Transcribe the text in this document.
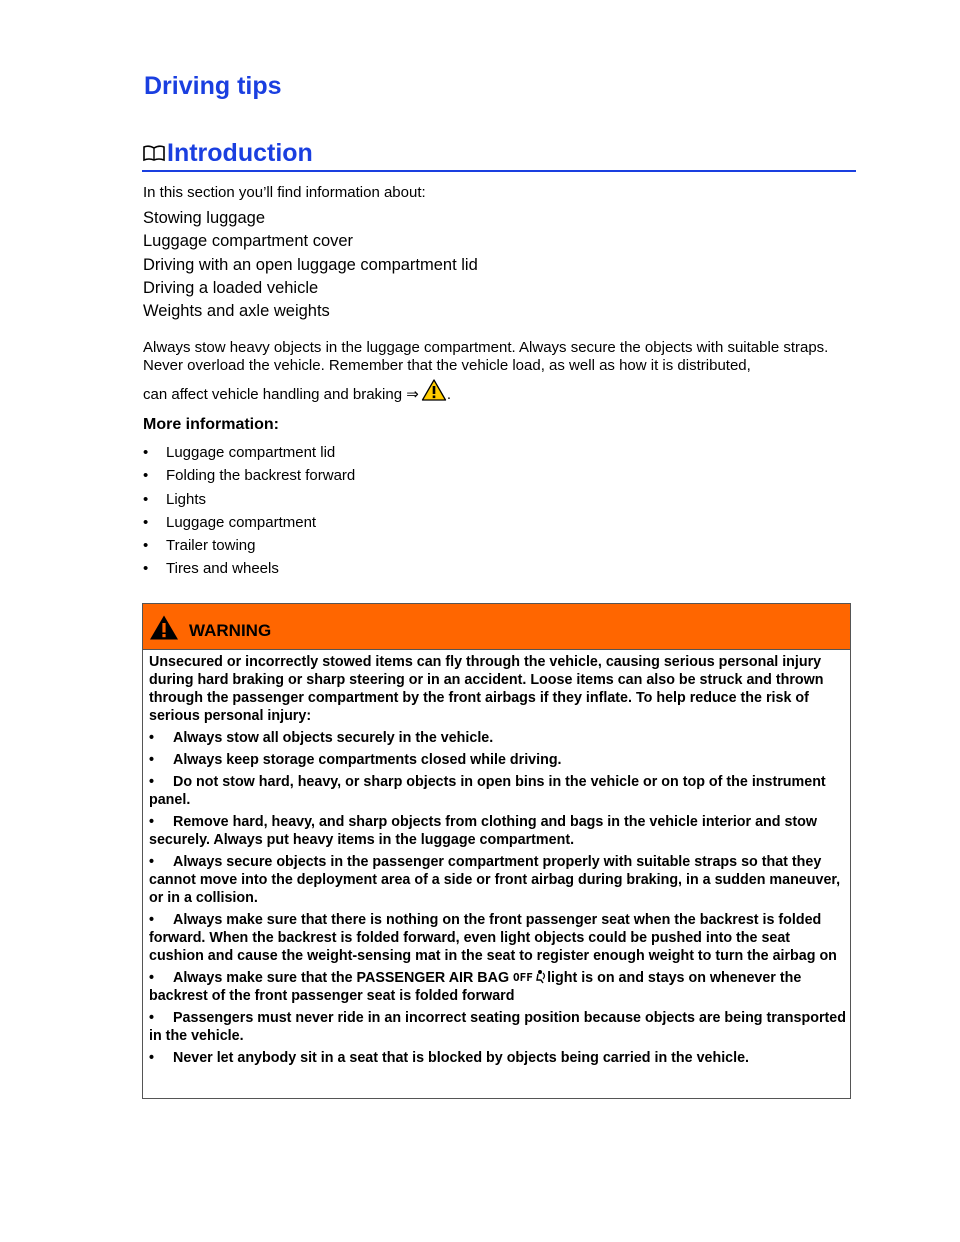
Driving tips
Introduction

In this section you’ll find information about:

Stowing luggage
Luggage compartment cover
Driving with an open luggage compartment lid
Driving a loaded vehicle
Weights and axle weights

Always stow heavy objects in the luggage compartment. Always secure the objects with suitable straps. Never overload the vehicle. Remember that the vehicle load, as well as how it is distributed,

can affect vehicle handling and braking ⇒ .

More information:
• Luggage compartment lid
• Folding the backrest forward
• Lights
• Luggage compartment
• Trailer towing
• Tires and wheels
WARNING

Unsecured or incorrectly stowed items can fly through the vehicle, causing serious personal injury during hard braking or sharp steering or in an accident. Loose items can also be struck and thrown through the passenger compartment by the front airbags if they inflate. To help reduce the risk of serious personal injury:

• Always stow all objects securely in the vehicle.
• Always keep storage compartments closed while driving.
• Do not stow hard, heavy, or sharp objects in open bins in the vehicle or on top of the instrument panel.
• Remove hard, heavy, and sharp objects from clothing and bags in the vehicle interior and stow securely. Always put heavy items in the luggage compartment.
• Always secure objects in the passenger compartment properly with suitable straps so that they cannot move into the deployment area of a side or front airbag during braking, in a sudden maneuver, or in a collision.
• Always make sure that there is nothing on the front passenger seat when the backrest is folded forward. When the backrest is folded forward, even light objects could be pushed into the seat cushion and cause the weight-sensing mat in the seat to register enough weight to turn the airbag on
• Always make sure that the PASSENGER AIR BAG OFF light is on and stays on whenever the backrest of the front passenger seat is folded forward
• Passengers must never ride in an incorrect seating position because objects are being transported in the vehicle.
• Never let anybody sit in a seat that is blocked by objects being carried in the vehicle.
